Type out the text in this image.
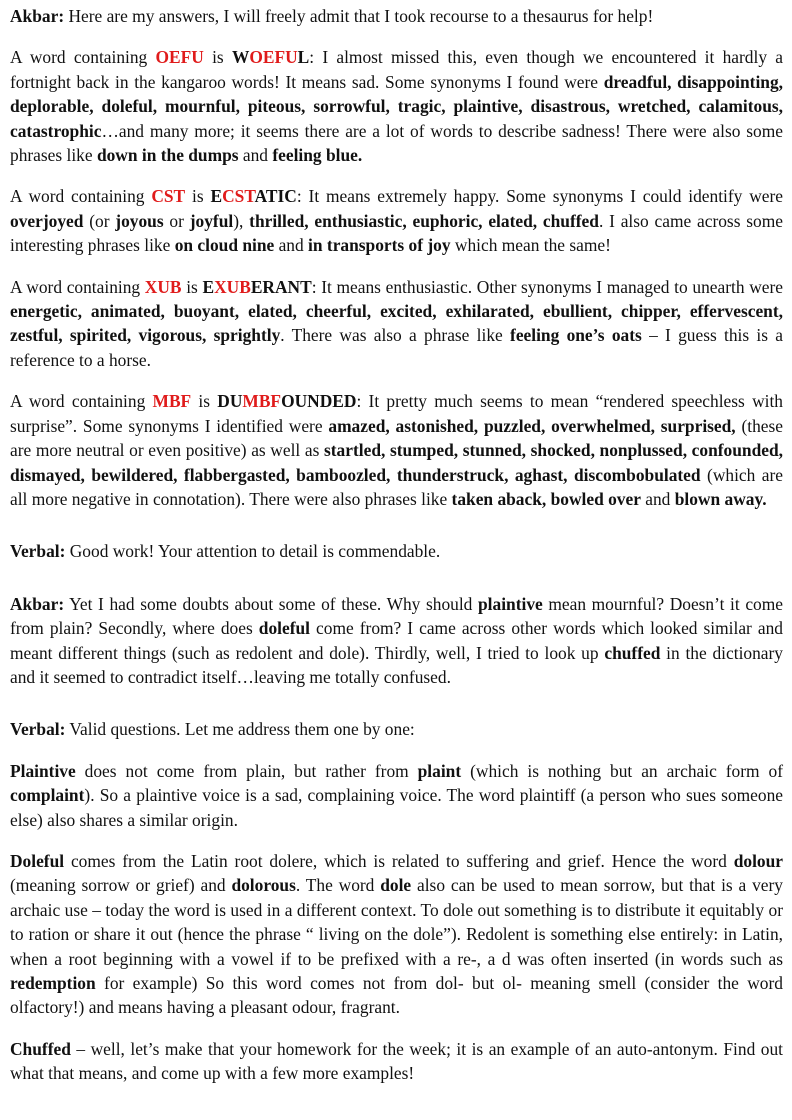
Akbar: Here are my answers, I will freely admit that I took recourse to a thesaurus for help!

A word containing OEFU is WOEFUL: I almost missed this, even though we encountered it hardly a fortnight back in the kangaroo words! It means sad. Some synonyms I found were dreadful, disappointing, deplorable, doleful, mournful, piteous, sorrowful, tragic, plaintive, disastrous, wretched, calamitous, catastrophic…and many more; it seems there are a lot of words to describe sadness! There were also some phrases like down in the dumps and feeling blue.

A word containing CST is ECSTATIC: It means extremely happy. Some synonyms I could identify were overjoyed (or joyous or joyful), thrilled, enthusiastic, euphoric, elated, chuffed. I also came across some interesting phrases like on cloud nine and in transports of joy which mean the same!

A word containing XUB is EXUBERANT: It means enthusiastic. Other synonyms I managed to unearth were energetic, animated, buoyant, elated, cheerful, excited, exhilarated, ebullient, chipper, effervescent, zestful, spirited, vigorous, sprightly. There was also a phrase like feeling one’s oats – I guess this is a reference to a horse.

A word containing MBF is DUMBFOUNDED: It pretty much seems to mean “rendered speechless with surprise”. Some synonyms I identified were amazed, astonished, puzzled, overwhelmed, surprised, (these are more neutral or even positive) as well as startled, stumped, stunned, shocked, nonplussed, confounded, dismayed, bewildered, flabbergasted, bamboozled, thunderstruck, aghast, discombobulated (which are all more negative in connotation). There were also phrases like taken aback, bowled over and blown away.

Verbal: Good work! Your attention to detail is commendable.

Akbar: Yet I had some doubts about some of these. Why should plaintive mean mournful? Doesn’t it come from plain? Secondly, where does doleful come from? I came across other words which looked similar and meant different things (such as redolent and dole). Thirdly, well, I tried to look up chuffed in the dictionary and it seemed to contradict itself…leaving me totally confused.

Verbal: Valid questions. Let me address them one by one:

Plaintive does not come from plain, but rather from plaint (which is nothing but an archaic form of complaint). So a plaintive voice is a sad, complaining voice. The word plaintiff (a person who sues someone else) also shares a similar origin.

Doleful comes from the Latin root dolere, which is related to suffering and grief. Hence the word dolour (meaning sorrow or grief) and dolorous. The word dole also can be used to mean sorrow, but that is a very archaic use – today the word is used in a different context. To dole out something is to distribute it equitably or to ration or share it out (hence the phrase “ living on the dole”). Redolent is something else entirely: in Latin, when a root beginning with a vowel if to be prefixed with a re-, a d was often inserted (in words such as redemption for example) So this word comes not from dol- but ol- meaning smell (consider the word olfactory!) and means having a pleasant odour, fragrant.

Chuffed – well, let’s make that your homework for the week; it is an example of an auto-antonym. Find out what that means, and come up with a few more examples!
